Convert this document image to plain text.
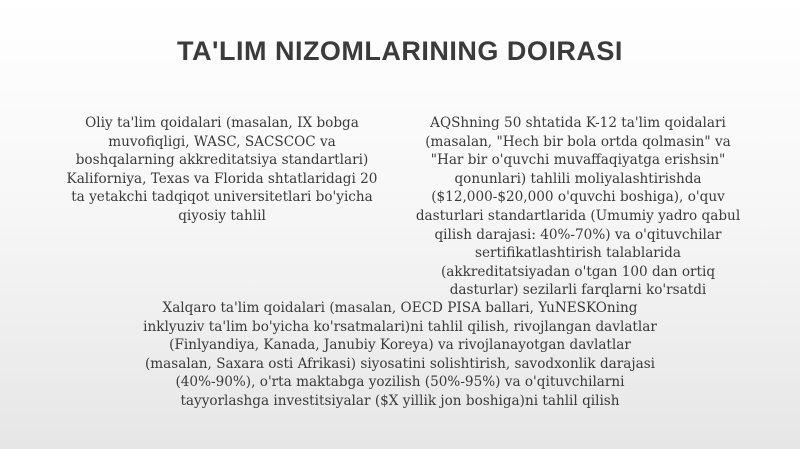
TA'LIM NIZOMLARINING DOIRASI

Oliy ta'lim qoidalari (masalan, IX bobga muvofiqligi, WASC, SACSCOC va boshqalarning akkreditatsiya standartlari) Kaliforniya, Texas va Florida shtatlaridagi 20 ta yetakchi tadqiqot universitetlari bo'yicha qiyosiy tahlil

AQShning 50 shtatida K-12 ta'lim qoidalari (masalan, "Hech bir bola ortda qolmasin" va "Har bir o'quvchi muvaffaqiyatga erishsin" qonunlari) tahlili moliyalashtirishda ($12,000-$20,000 o'quvchi boshiga), o'quv dasturlari standartlarida (Umumiy yadro qabul qilish darajasi: 40%-70%) va o'qituvchilar sertifikatlashtirish talablarida (akkreditatsiyadan o'tgan 100 dan ortiq dasturlar) sezilarli farqlarni ko'rsatdi

Xalqaro ta'lim qoidalari (masalan, OECD PISA ballari, YuNESKOning inklyuziv ta'lim bo'yicha ko'rsatmalari)ni tahlil qilish, rivojlangan davlatlar (Finlyandiya, Kanada, Janubiy Koreya) va rivojlanayotgan davlatlar (masalan, Saxara osti Afrikasi) siyosatini solishtirish, savodxonlik darajasi (40%-90%), o'rta maktabga yozilish (50%-95%) va o'qituvchilarni tayyorlashga investitsiyalar ($X yillik jon boshiga)ni tahlil qilish
